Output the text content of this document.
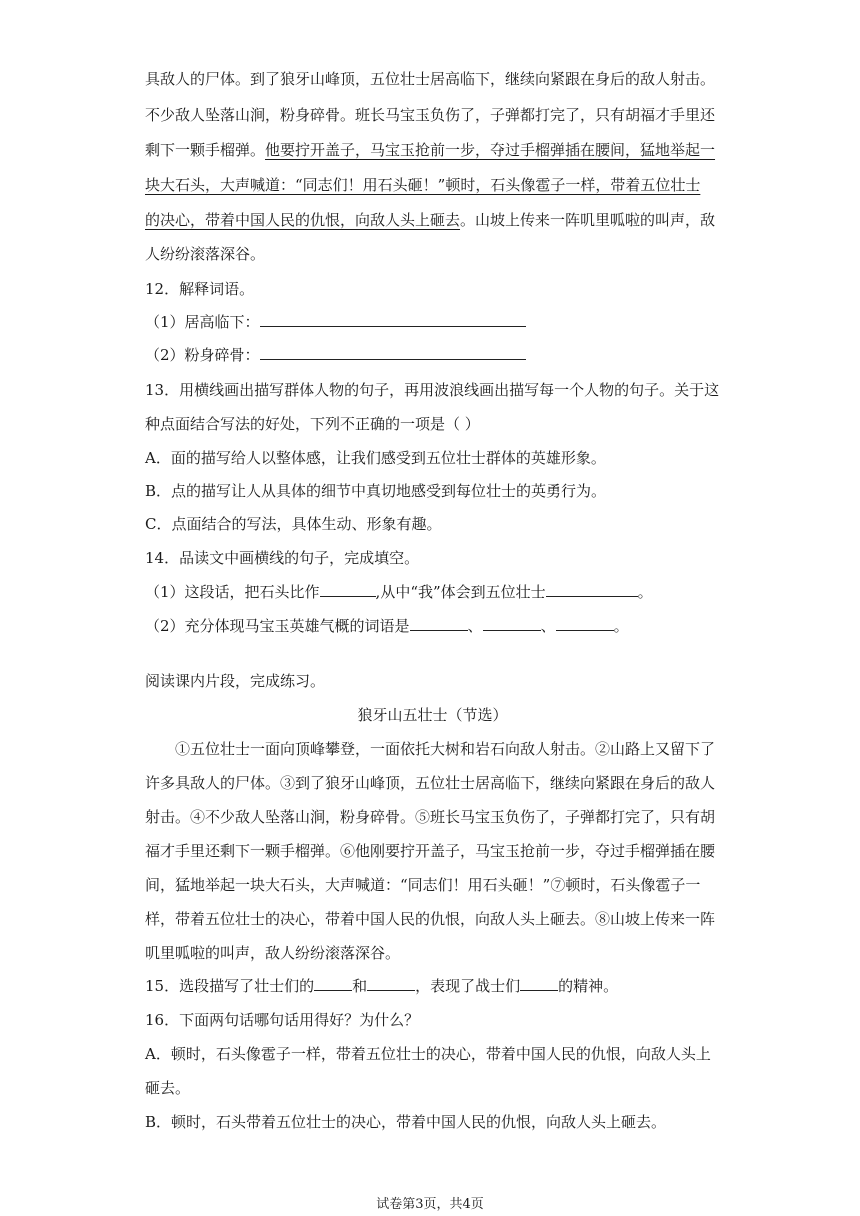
具敌人的尸体。到了狼牙山峰顶，五位壮士居高临下，继续向紧跟在身后的敌人射击。
不少敌人坠落山涧，粉身碎骨。班长马宝玉负伤了，子弹都打完了，只有胡福才手里还
剩下一颗手榴弹。他要拧开盖子，马宝玉抢前一步，夺过手榴弹插在腰间，猛地举起一
块大石头，大声喊道：“同志们！用石头砸！”顿时，石头像雹子一样，带着五位壮士
的决心，带着中国人民的仇恨，向敌人头上砸去。山坡上传来一阵叽里呱啦的叫声，敌
人纷纷滚落深谷。
12．解释词语。
（1）居高临下：
（2）粉身碎骨：
13．用横线画出描写群体人物的句子，再用波浪线画出描写每一个人物的句子。关于这
种点面结合写法的好处，下列不正确的一项是（ ）
A．面的描写给人以整体感，让我们感受到五位壮士群体的英雄形象。
B．点的描写让人从具体的细节中真切地感受到每位壮士的英勇行为。
C．点面结合的写法，具体生动、形象有趣。
14．品读文中画横线的句子，完成填空。
（1）这段话，把石头比作	,从中“我”体会到五位壮士	。
（2）充分体现马宝玉英雄气概的词语是	、	、	。
阅读课内片段，完成练习。
狼牙山五壮士（节选）
①五位壮士一面向顶峰攀登，一面依托大树和岩石向敌人射击。②山路上又留下了
许多具敌人的尸体。③到了狼牙山峰顶，五位壮士居高临下，继续向紧跟在身后的敌人
射击。④不少敌人坠落山涧，粉身碎骨。⑤班长马宝玉负伤了，子弹都打完了，只有胡
福才手里还剩下一颗手榴弹。⑥他刚要拧开盖子，马宝玉抢前一步，夺过手榴弹插在腰
间，猛地举起一块大石头，大声喊道：“同志们！用石头砸！”⑦顿时，石头像雹子一
样，带着五位壮士的决心，带着中国人民的仇恨，向敌人头上砸去。⑧山坡上传来一阵
叽里呱啦的叫声，敌人纷纷滚落深谷。
15．选段描写了壮士们的	和	，表现了战士们	的精神。
16．下面两句话哪句话用得好？为什么？
A．顿时，石头像雹子一样，带着五位壮士的决心，带着中国人民的仇恨，向敌人头上
砸去。
B．顿时，石头带着五位壮士的决心，带着中国人民的仇恨，向敌人头上砸去。
试卷第3页，共4页
